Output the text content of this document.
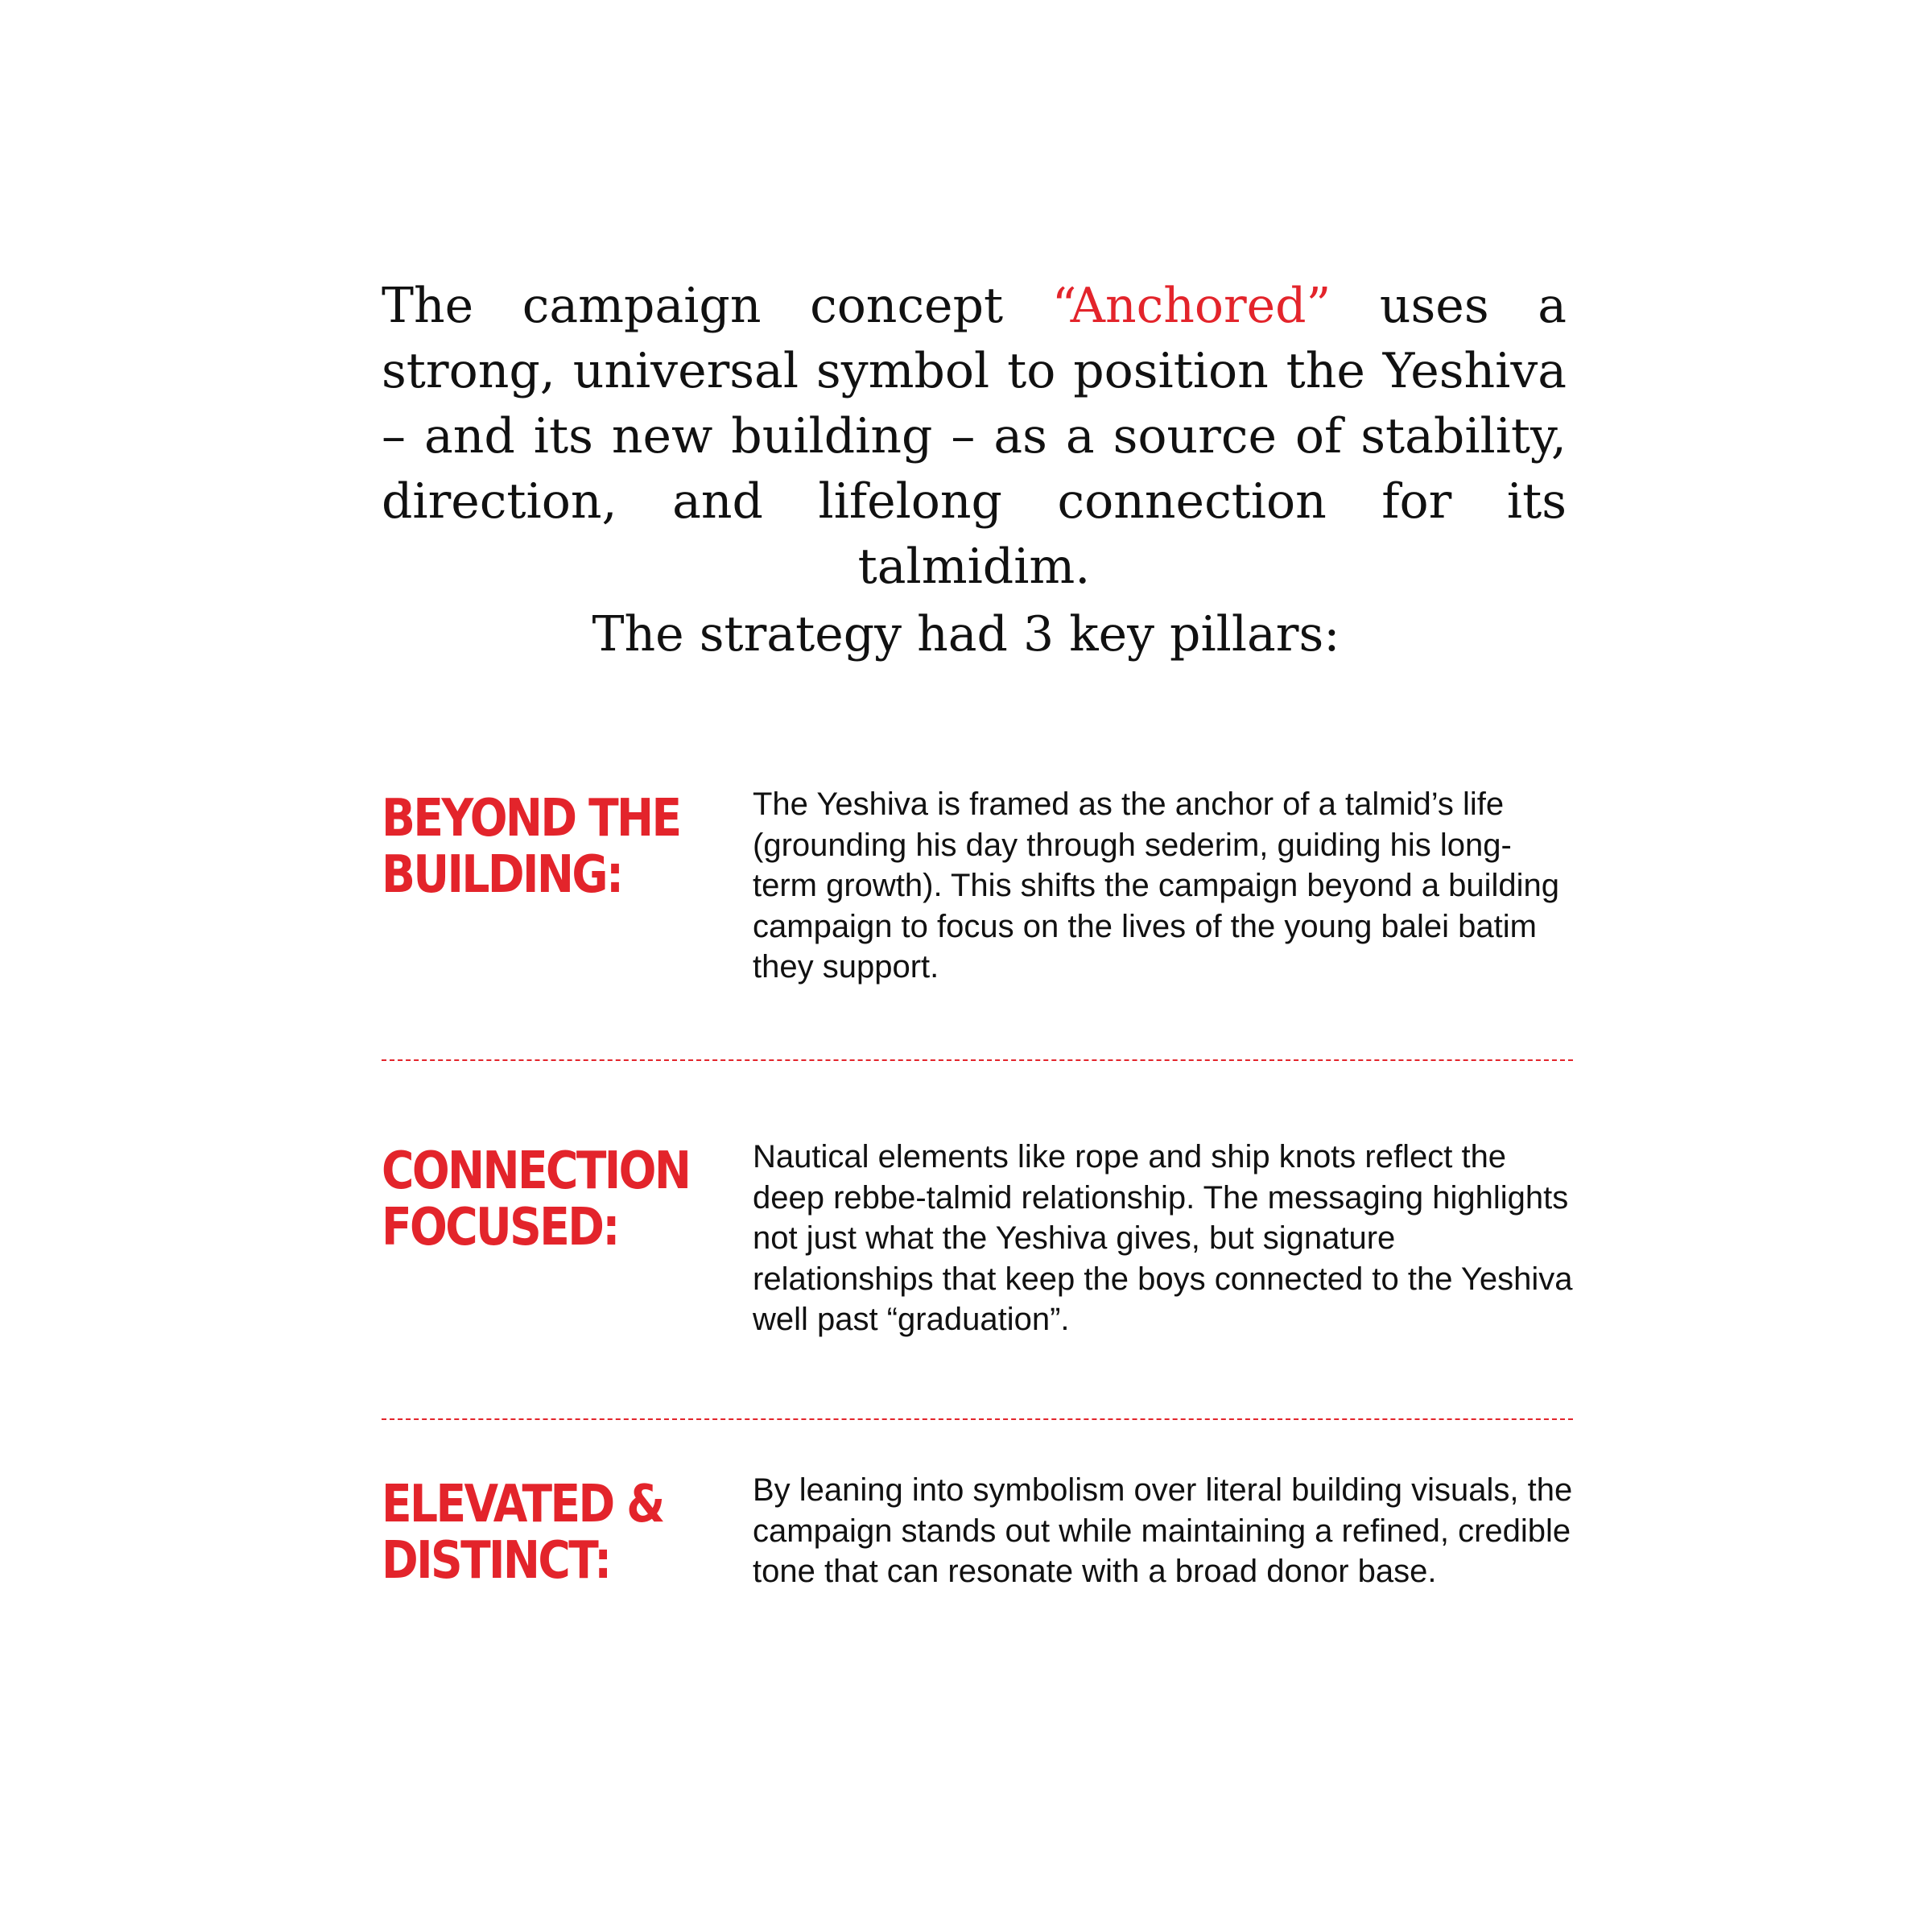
The campaign concept “Anchored” uses a strong, universal symbol to position the Yeshiva – and its new building – as a source of stability, direction, and lifelong connection for its talmidim.

The strategy had 3 key pillars:

BEYOND THE
BUILDING:

The Yeshiva is framed as the anchor of a talmid’s life (grounding his day through sederim, guiding his long-term growth). This shifts the campaign beyond a building campaign to focus on the lives of the young balei batim they support.

CONNECTION
FOCUSED:

Nautical elements like rope and ship knots reflect the deep rebbe-talmid relationship. The messaging highlights not just what the Yeshiva gives, but signature relationships that keep the boys connected to the Yeshiva well past “graduation”.

ELEVATED &
DISTINCT:

By leaning into symbolism over literal building visuals, the campaign stands out while maintaining a refined, credible tone that can resonate with a broad donor base.
